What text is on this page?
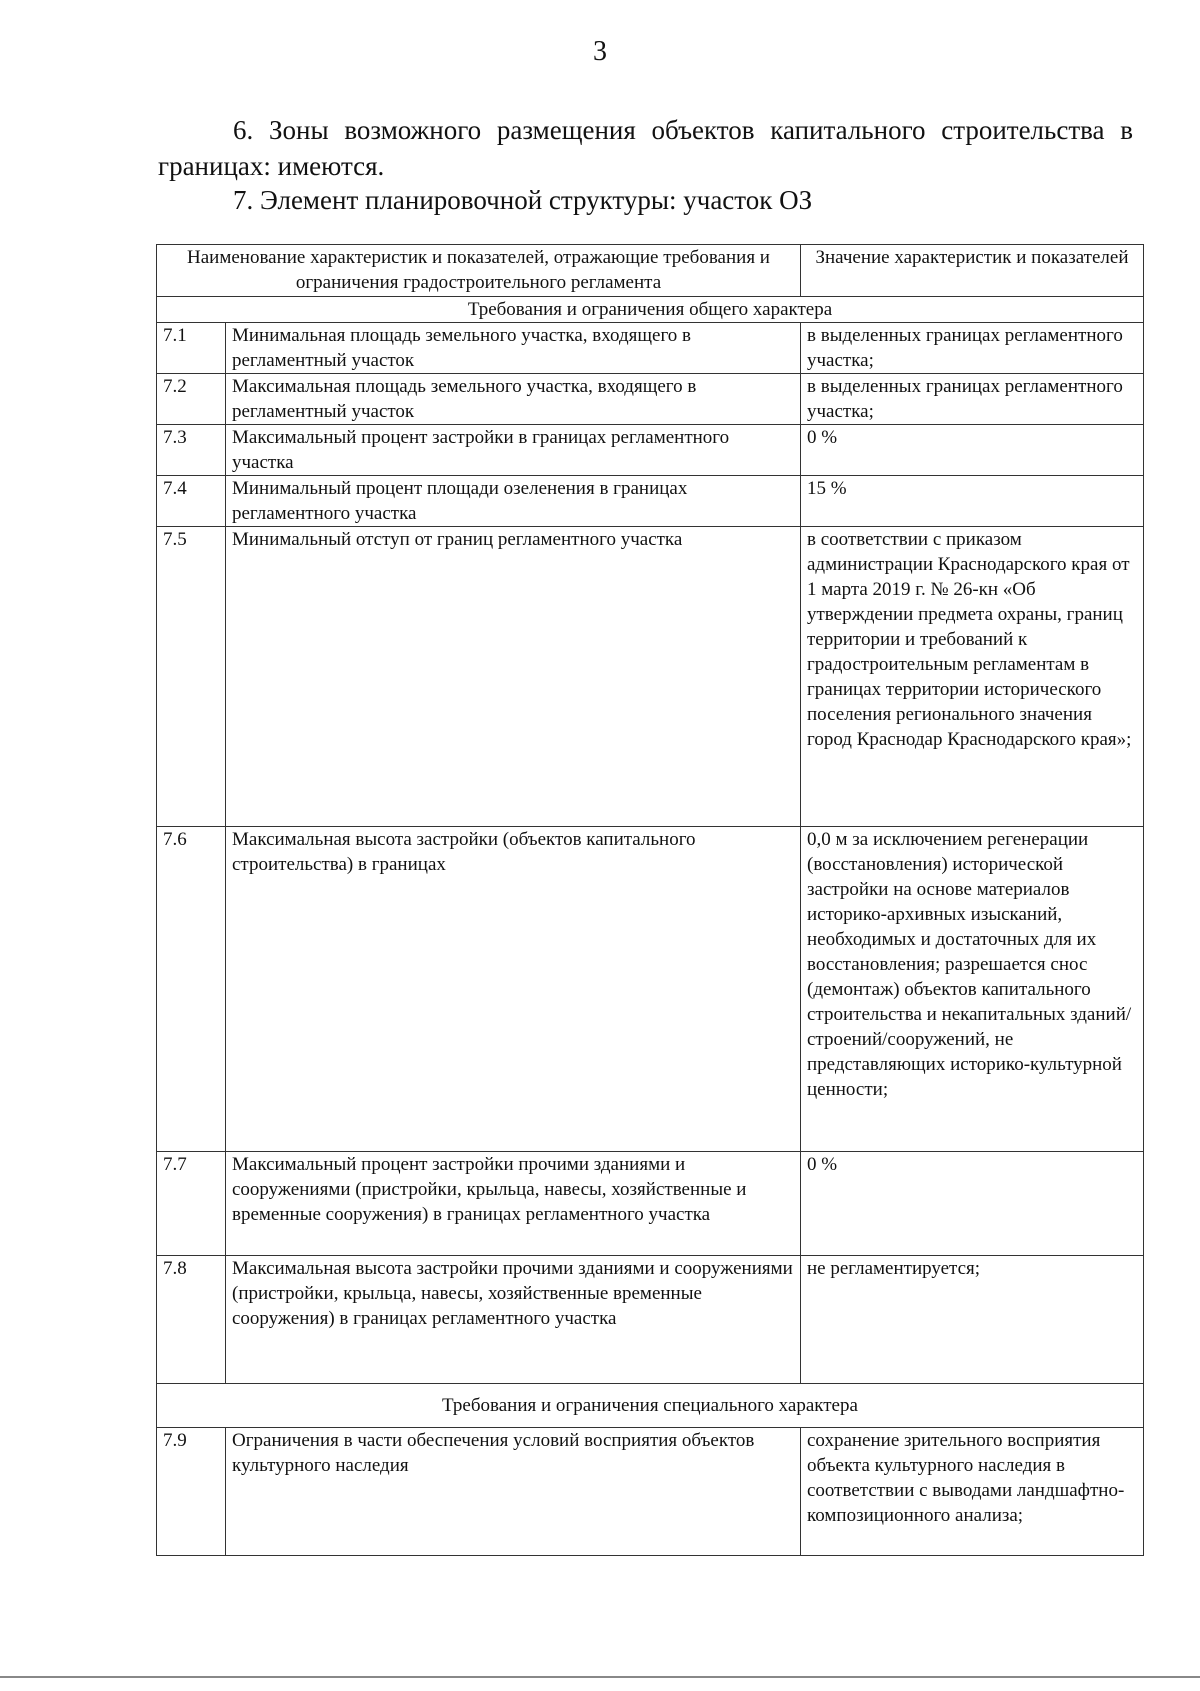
3
6. Зоны возможного размещения объектов капитального строительства в границах: имеются.
7. Элемент планировочной структуры: участок ОЗ
Наименование характеристик и показателей, отражающие требования и ограничения градостроительного регламента		Значение характеристик и показателей
Требования и ограничения общего характера		
7.1	Минимальная площадь земельного участка, входящего в регламентный участок	в выделенных границах регламентного участка;
7.2	Максимальная площадь земельного участка, входящего в регламентный участок	в выделенных границах регламентного участка;
7.3	Максимальный процент застройки в границах регламентного участка	0 %
7.4	Минимальный процент площади озеленения в границах регламентного участка	15 %
7.5	Минимальный отступ от границ регламентного участка	в соответствии с приказом администрации Краснодарского края от 1 марта 2019 г. № 26-кн «Об утверждении предмета охраны, границ территории и требований к градостроительным регламентам в границах территории исторического поселения регионального значения город Краснодар Краснодарского края»;
7.6	Максимальная высота застройки (объектов капитального строительства) в границах	0,0 м за исключением регенерации (восстановления) исторической застройки на основе материалов историко-архивных изысканий, необходимых и достаточных для их восстановления; разрешается снос (демонтаж) объектов капитального строительства и некапитальных зданий/строений/сооружений, не представляющих историко-культурной ценности;
7.7	Максимальный процент застройки прочими зданиями и сооружениями (пристройки, крыльца, навесы, хозяйственные и временные сооружения) в границах регламентного участка	0 %
7.8	Максимальная высота застройки прочими зданиями и сооружениями (пристройки, крыльца, навесы, хозяйственные временные сооружения) в границах регламентного участка	не регламентируется;
Требования и ограничения специального характера		
7.9	Ограничения в части обеспечения условий восприятия объектов культурного наследия	сохранение зрительного восприятия объекта культурного наследия в соответствии с выводами ландшафтно-композиционного анализа;
